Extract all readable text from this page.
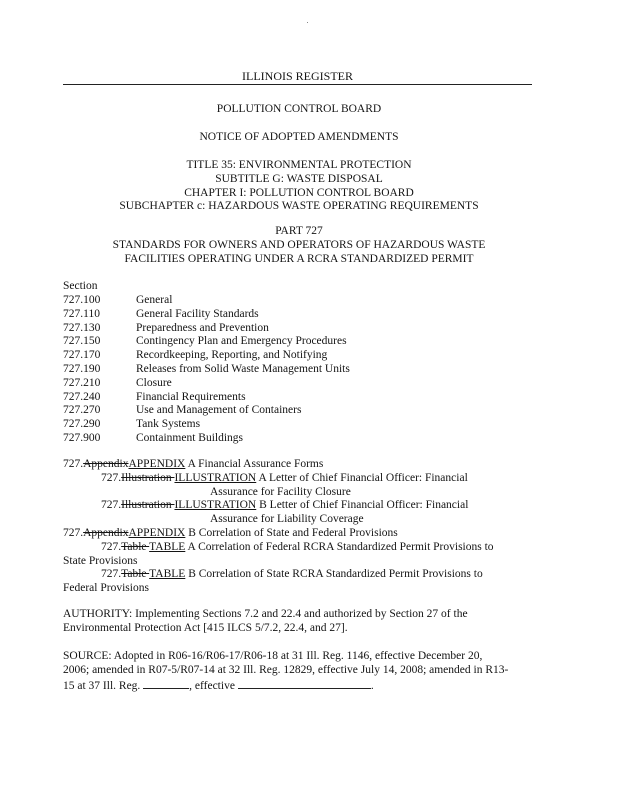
ILLINOIS REGISTER
POLLUTION CONTROL BOARD
NOTICE OF ADOPTED AMENDMENTS
TITLE 35: ENVIRONMENTAL PROTECTION
SUBTITLE G: WASTE DISPOSAL
CHAPTER I: POLLUTION CONTROL BOARD
SUBCHAPTER c: HAZARDOUS WASTE OPERATING REQUIREMENTS
PART 727
STANDARDS FOR OWNERS AND OPERATORS OF HAZARDOUS WASTE
FACILITIES OPERATING UNDER A RCRA STANDARDIZED PERMIT
Section
727.100	General
727.110	General Facility Standards
727.130	Preparedness and Prevention
727.150	Contingency Plan and Emergency Procedures
727.170	Recordkeeping, Reporting, and Notifying
727.190	Releases from Solid Waste Management Units
727.210	Closure
727.240	Financial Requirements
727.270	Use and Management of Containers
727.290	Tank Systems
727.900	Containment Buildings
727.AppendixAPPENDIX A Financial Assurance Forms
727.Illustration ILLUSTRATION A Letter of Chief Financial Officer: Financial
Assurance for Facility Closure
727.Illustration ILLUSTRATION B Letter of Chief Financial Officer: Financial
Assurance for Liability Coverage
727.AppendixAPPENDIX B Correlation of State and Federal Provisions
727.Table TABLE A Correlation of Federal RCRA Standardized Permit Provisions to
State Provisions
727.Table TABLE B Correlation of State RCRA Standardized Permit Provisions to
Federal Provisions
AUTHORITY: Implementing Sections 7.2 and 22.4 and authorized by Section 27 of the
Environmental Protection Act [415 ILCS 5/7.2, 22.4, and 27].
SOURCE: Adopted in R06-16/R06-17/R06-18 at 31 Ill. Reg. 1146, effective December 20,
2006; amended in R07-5/R07-14 at 32 Ill. Reg. 12829, effective July 14, 2008; amended in R13-
15 at 37 Ill. Reg.	, effective	.
